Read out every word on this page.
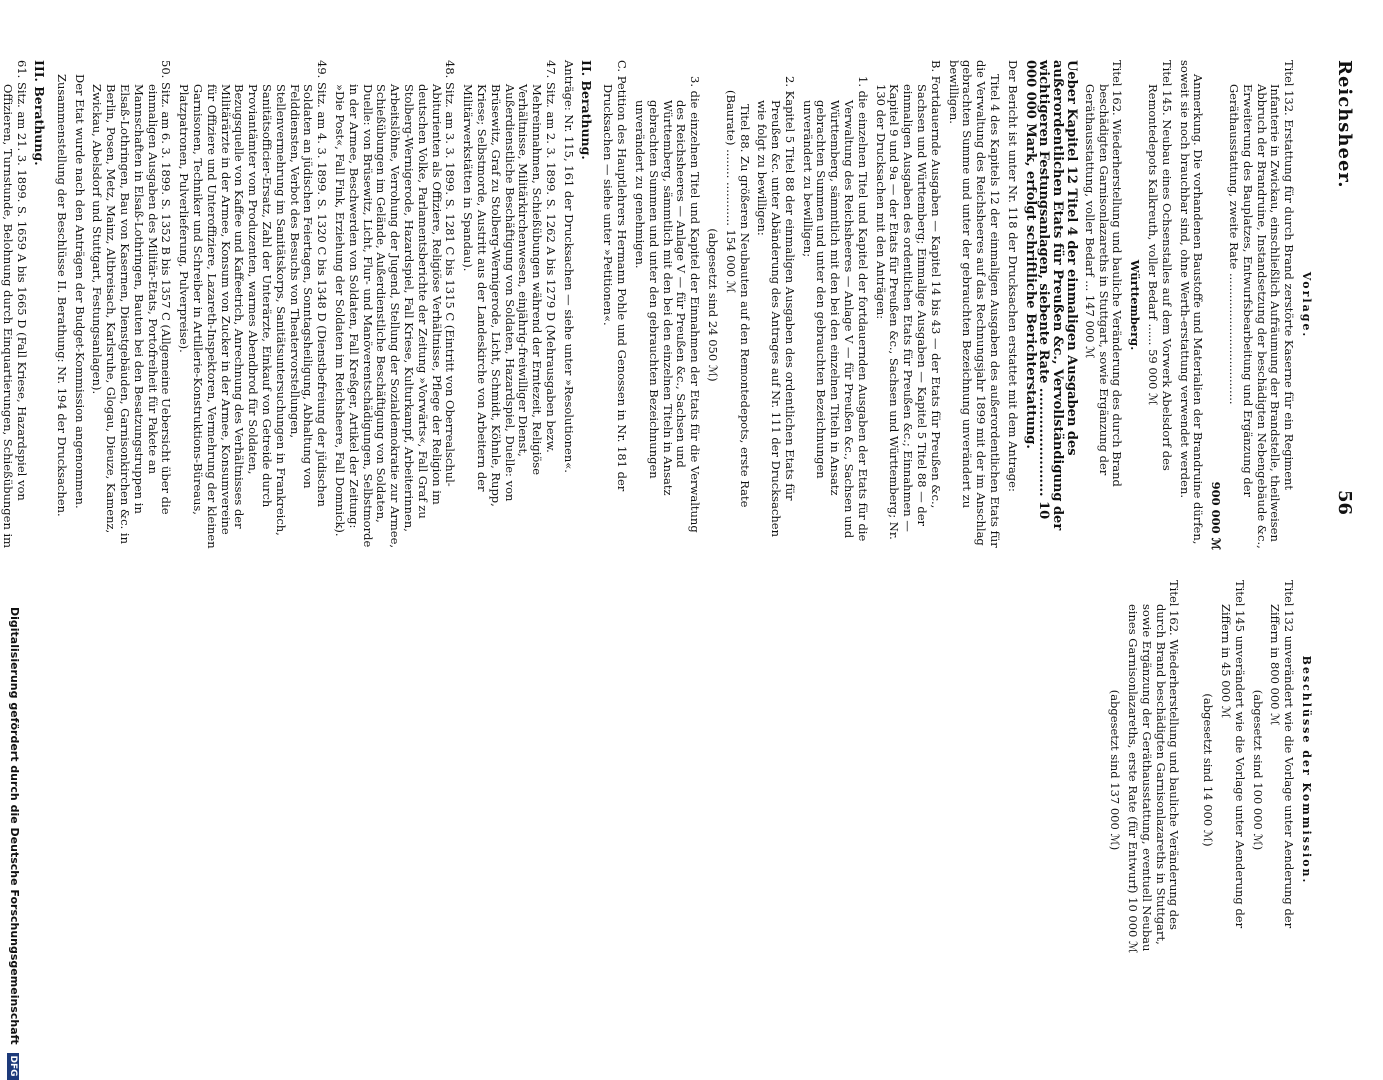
Reichsheer.
56

Vorlage.

Titel 132. Erstattung für durch Brand zerstörte Kaserne für ein Regiment Infanterie in Zwickau, einschließlich Aufräumung der Brandstelle, theilweisen Abbruch der Brandruine, Instandsetzung der beschädigten Nebengebäude &c., Erweiterung des Bauplatzes, Entwurfsbearbeitung und Ergänzung der Geräthausstattung, zweite Rate ....................................

900 000 ℳ

Anmerkung. Die vorhandenen Baustoffe und Materialien der Brandruine dürfen, soweit sie noch brauchbar sind, ohne Werth-erstattung verwendet werden.

Titel 145. Neubau eines Ochsenstalles auf dem Vorwerk Abelsdorf des Remontedepots Kalkreuth, voller Bedarf ...... 59 000 ℳ

Württemberg.

Titel 162. Wiederherstellung und bauliche Veränderung des durch Brand beschädigten Garnisonlazareths in Stuttgart, sowie Ergänzung der Geräthausstattung, voller Bedarf ... 147 000 ℳ

Ueber Kapitel 12 Titel 4 der einmaligen Ausgaben des außerordentlichen Etats für Preußen &c., Vervollständigung der wichtigeren Festungsanlagen, siebente Rate ........................ 10 000 000 Mark, erfolgt schriftliche Berichterstattung.

Der Bericht ist unter Nr. 118 der Drucksachen erstattet mit dem Antrage:

Titel 4 des Kapitels 12 der einmaligen Ausgaben des außerordentlichen Etats für die Verwaltung des Reichsheeres auf das Rechnungsjahr 1899 mit der im Anschlag gebrachten Summe und unter der gebrauchten Bezeichnung unverändert zu bewilligen.

B. Fortdauernde Ausgaben — Kapitel 14 bis 43 — der Etats für Preußen &c., Sachsen und Württemberg; Einmalige Ausgaben — Kapitel 5 Titel 88 — der einmaligen Ausgaben des ordentlichen Etats für Preußen &c.; Einnahmen — Kapitel 9 und 9a — der Etats für Preußen &c., Sachsen und Württemberg; Nr. 130 der Drucksachen mit den Anträgen:

1. die einzelnen Titel und Kapitel der fortdauernden Ausgaben der Etats für die Verwaltung des Reichsheeres — Anlage V — für Preußen &c., Sachsen und Württemberg, sämmtlich mit den bei den einzelnen Titeln in Ansatz gebrachten Summen und unter den gebrauchten Bezeichnungen unverändert zu bewilligen;

2. Kapitel 5 Titel 88 der einmaligen Ausgaben des ordentlichen Etats für Preußen &c. unter Abänderung des Antrages auf Nr. 111 der Drucksachen wie folgt zu bewilligen:

Titel 88. Zu größeren Neubauten auf den Remontedepots, erste Rate (Baurate) ........ ............ 154 000 ℳ

(abgesetzt sind 24 050 ℳ)

3. die einzelnen Titel und Kapitel der Einnahmen der Etats für die Verwaltung des Reichsheeres — Anlage V — für Preußen &c., Sachsen und Württemberg, sämmtlich mit den bei den einzelnen Titeln in Ansatz gebrachten Summen und unter den gebrauchten Bezeichnungen unverändert zu genehmigen.

C. Petition des Hauptlehrers Hermann Pohle und Genossen in Nr. 181 der Drucksachen — siehe unter »Petitionen«.

II. Berathung.

Anträge: Nr. 115, 161 der Drucksachen — siehe unter »Resolutionen«.

47. Sitz. am 2. 3. 1899. S. 1262 A bis 1279 D (Mehrausgaben bezw. Mehreinnahmen, Schießübungen während der Erntezeit, Religiöse Verhältnisse, Militärkirchenwesen, einjährig-freiwilliger Dienst, Außerdienstliche Beschäftigung von Soldaten, Hazardspiel, Duelle: von Brüsewitz, Graf zu Stolberg-Wernigerode, Licht, Schmidt, Köhnle, Rupp, Kriese; Selbstmorde, Austritt aus der Landeskirche von Arbeitern der Militärwerkstätten in Spandau).

48. Sitz. am 3. 3. 1899. S. 1281 C bis 1315 C (Eintritt von Oberrealschul-Abiturienten als Offiziere, Religiöse Verhältnisse, Pflege der Religion im deutschen Volke, Parlamentsberichte der Zeitung »Vorwärts«, Fall Graf zu Stolberg-Wernigerode, Hazardspiel, Fall Kriese, Kulturkampf, Arbeiterinnen, Arbeitslöhne, Verrohung der Jugend, Stellung der Sozialdemokratie zur Armee, Schießübungen im Gelände, Außerdienstliche Beschäftigung von Soldaten, Duelle: von Brüsewitz, Licht, Flur- und Manöverentschädigungen, Selbstmorde in der Armee, Beschwerden von Soldaten, Fall Kreßger, Artikel der Zeitung: »Die Post«, Fall Fink, Erziehung der Soldaten im Reichsheere, Fall Domnick).

49. Sitz. am 4. 3. 1899. S. 1320 C bis 1348 D (Dienstbefreiung der jüdischen Soldaten an jüdischen Feiertagen, Sonntagsheiligung, Abhaltung von Felddiensten, Verbot des Besuchs von Theatervorstellungen, Stellenvermehrung im Sanitätskorps, Sanitätsuntersuchungen in Frankreich, Sanitätsofficier-Ersatz, Zahl der Unterärzte, Einkauf von Getreide durch Proviantämter vom Produzenten, warmes Abendbrod für Soldaten, Bezugsquelle von Kaffee und Kaffeetrich, Anrechnung des Verhältnisses der Militärärzte in der Armee, Konsum von Zucker in der Armee, Konsumvereine für Offiziere und Unteroffiziere, Lazareth-Inspektoren, Vermehrung der kleinen Garnisonen, Techniker und Schreiber in Artillerie-Konstruktions-Büreaus, Platzpatronen, Pulverlieferung, Pulverpreise).

50. Sitz. am 6. 3. 1899. S. 1352 B bis 1357 C (Allgemeine Uebersicht über die einmaligen Ausgaben des Militär-Etats, Portofreiheit für Pakete an Mannschaften in Elsaß-Lothringen, Bauten bei den Besatzungstruppen in Elsaß-Lothringen, Bau von Kasernen, Dienstgebäuden, Garnisonkirchen &c. in Berlin, Posen, Metz, Mainz, Altbreisach, Karlsruhe, Glogau, Dieuze, Kamenz, Zwickau, Abelsdorf und Stuttgart, Festungsanlagen).

Der Etat wurde nach den Anträgen der Budget-Kommission angenommen.

Zusammenstellung der Beschlüsse II. Berathung: Nr. 194 der Drucksachen.

III. Berathung.

61. Sitz. am 21. 3. 1899. S. 1659 A bis 1665 D (Fall Kriese, Hazardspiel von Offizieren, Turnstunde, Belohnung durch Einquartierungen, Schießübungen im

Beschlüsse der Kommission.

Titel 132 unverändert wie die Vorlage unter Aenderung der Ziffern in 800 000 ℳ

(abgesetzt sind 100 000 ℳ)

Titel 145 unverändert wie die Vorlage unter Aenderung der Ziffern in 45 000 ℳ

(abgesetzt sind 14 000 ℳ)

Titel 162. Wiederherstellung und bauliche Veränderung des durch Brand beschädigten Garnisonlazareths in Stuttgart, sowie Ergänzung der Geräthausstattung, eventuell Neubau eines Garnisonlazareths, erste Rate (für Entwurf) 10 000 ℳ

(abgesetzt sind 137 000 ℳ)

Digitalisierung gefördert durch die Deutsche Forschungsgemeinschaft DFG
